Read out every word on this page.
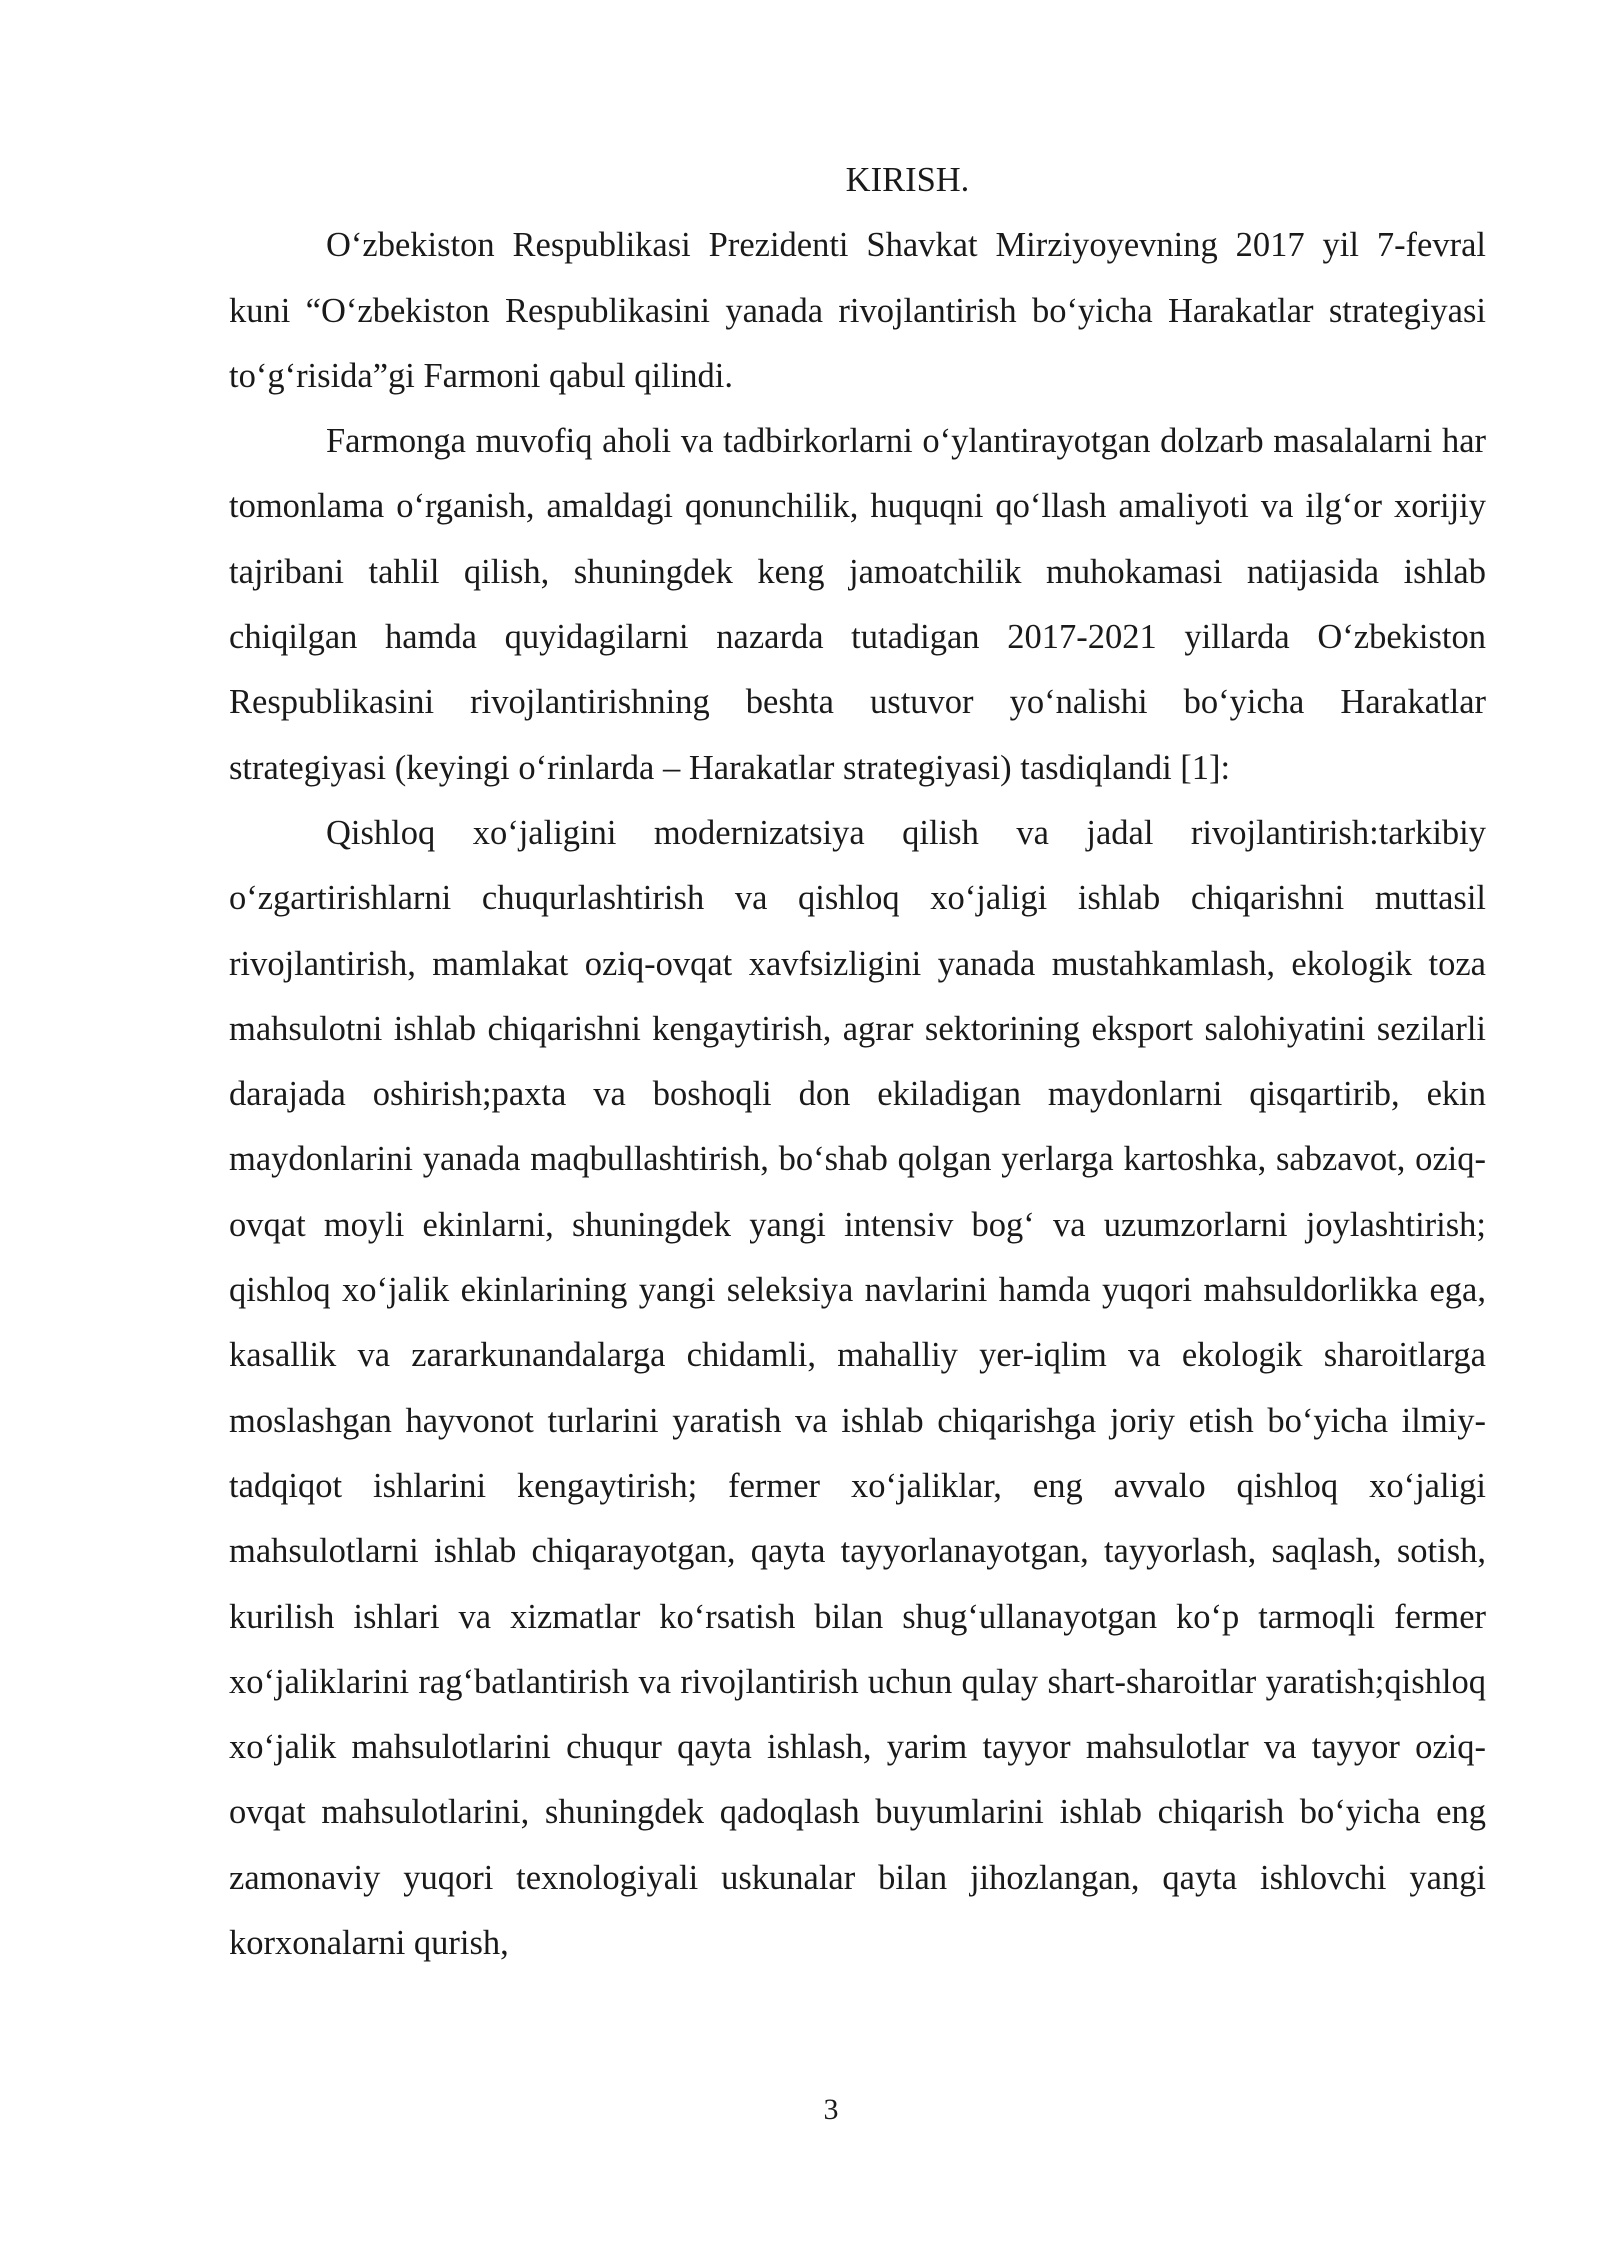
KIRISH.

O‘zbekiston Respublikasi Prezidenti Shavkat Mirziyoyevning 2017 yil 7-fevral kuni “O‘zbekiston Respublikasini yanada rivojlantirish bo‘yicha Harakatlar strategiyasi to‘g‘risida”gi Farmoni qabul qilindi.

Farmonga muvofiq aholi va tadbirkorlarni o‘ylantirayotgan dolzarb masalalarni har tomonlama o‘rganish, amaldagi qonunchilik, huquqni qo‘llash amaliyoti va ilg‘or xorijiy tajribani tahlil qilish, shuningdek keng jamoatchilik muhokamasi natijasida ishlab chiqilgan hamda quyidagilarni nazarda tutadigan 2017-2021 yillarda O‘zbekiston Respublikasini rivojlantirishning beshta ustuvor yo‘nalishi bo‘yicha Harakatlar strategiyasi (keyingi o‘rinlarda – Harakatlar strategiyasi) tasdiqlandi [1]:

Qishloq xo‘jaligini modernizatsiya qilish va jadal rivojlantirish:tarkibiy o‘zgartirishlarni chuqurlashtirish va qishloq xo‘jaligi ishlab chiqarishni muttasil rivojlantirish, mamlakat oziq-ovqat xavfsizligini yanada mustahkamlash, ekologik toza mahsulotni ishlab chiqarishni kengaytirish, agrar sektorining eksport salohiyatini sezilarli darajada oshirish;paxta va boshoqli don ekiladigan maydonlarni qisqartirib, ekin maydonlarini yanada maqbullashtirish, bo‘shab qolgan yerlarga kartoshka, sabzavot, oziq-ovqat moyli ekinlarni, shuningdek yangi intensiv bog‘ va uzumzorlarni joylashtirish; qishloq xo‘jalik ekinlarining yangi seleksiya navlarini hamda yuqori mahsuldorlikka ega, kasallik va zararkunandalarga chidamli, mahalliy yer-iqlim va ekologik sharoitlarga moslashgan hayvonot turlarini yaratish va ishlab chiqarishga joriy etish bo‘yicha ilmiy-tadqiqot ishlarini kengaytirish; fermer xo‘jaliklar, eng avvalo qishloq xo‘jaligi mahsulotlarni ishlab chiqarayotgan, qayta tayyorlanayotgan, tayyorlash, saqlash, sotish, kurilish ishlari va xizmatlar ko‘rsatish bilan shug‘ullanayotgan ko‘p tarmoqli fermer xo‘jaliklarini rag‘batlantirish va rivojlantirish uchun qulay shart-sharoitlar yaratish;qishloq xo‘jalik mahsulotlarini chuqur qayta ishlash, yarim tayyor mahsulotlar va tayyor oziq-ovqat mahsulotlarini, shuningdek qadoqlash buyumlarini ishlab chiqarish bo‘yicha eng zamonaviy yuqori texnologiyali uskunalar bilan jihozlangan, qayta ishlovchi yangi korxonalarni qurish,

3
